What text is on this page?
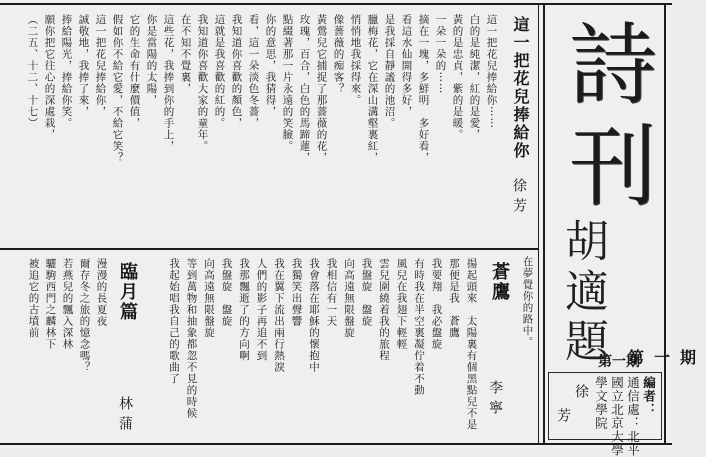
詩刊
胡適題 第一期
第一期
編者：
通信處：北平
國立北京大學
學文學院
徐
芳
這一把花兒捧給你
徐芳
這一把花兒捧給你⋯⋯
白的是純潔，紅的是愛，
黃的是忠貞，紫的是暖。
一朵一朵的⋯⋯
摘在一塊，多鮮明　多好看，
看這水仙開得多好，
是我採自靜謐的池沼。
臘梅花，它在深山溝壑裏紅，
悄悄地我採得來。
像薔薇的痴客？
黃鶯兒它捕捉了那薔薇的花，
玫瑰，百合，白色的馬蹄蓮，
點綴著那一片永遠的笑臉。
你的意思，我猜得，
看，這一朵淡色冬薔，
我知道你喜歡的顏色，
這就是我喜歡的紅的。
我知道你喜歡大家的童年。
在不知不覺裏，
這些花，我捧到你的手上，
你是當陽的太陽，
它的生命有什麼價值，
假如你不給它愛，不給它笑？
這一把花兒捧給你，
誠敬地，我捧了來，
捧給陽光，捧給你笑。
願你把它往心的深處栽，
（二五、十二、十七）
在夢覺你的路中。
蒼鷹
李寧
揚起頭來　太陽裏有個黑點兒不是
那便是我　蒼鷹
我要翔　我必盤旋
有時我在半空裏凝佇着不動
風兒在我翅下輕輕
雲兒圍繞着我的旅程
我盤旋　盤旋
向高遠無限盤旋
我相信有一天
我會落在耶穌的懷抱中
我獨笑出聲響
我在翼下流出兩行熱淚
人們的影子再追不到
我那飄逝了的方向啊
我盤旋　盤旋
向高遠無限盤旋
等到萬物和抽象都忽不見的時候
我起始唱我自己的歌曲了
臨月篇
林蒲
漫漫的長夏夜
爾存冬之旅的憶念嗎？
若燕兒的飄入深林
驪駒西門之麟林下
被追它的古墳前
